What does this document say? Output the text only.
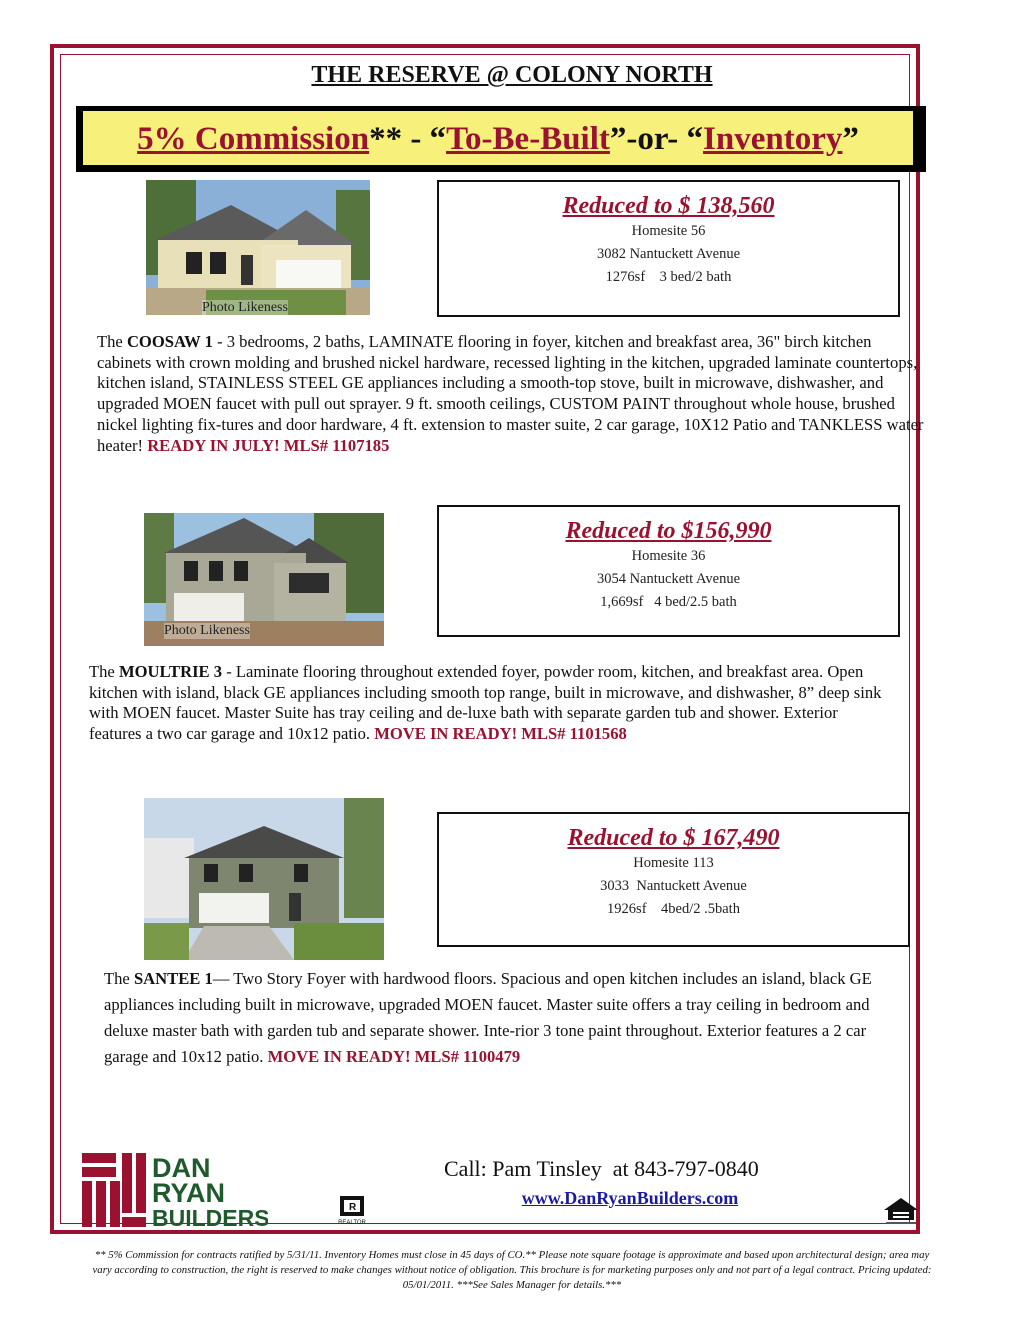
THE RESERVE @ COLONY NORTH
5% Commission** - “To-Be-Built”-or- “Inventory”
Photo Likeness
Reduced to $ 138,560
Homesite 56
3082 Nantuckett Avenue
1276sf    3 bed/2 bath
The COOSAW 1 - 3 bedrooms, 2 baths, LAMINATE flooring in foyer, kitchen and breakfast area, 36" birch kitchen cabinets with crown molding and brushed nickel hardware, recessed lighting in the kitchen, upgraded laminate countertops, kitchen island, STAINLESS STEEL GE appliances including a smooth-top stove, built in microwave, dishwasher, and upgraded MOEN faucet with pull out sprayer. 9 ft. smooth ceilings, CUSTOM PAINT throughout whole house, brushed nickel lighting fix-tures and door hardware, 4 ft. extension to master suite, 2 car garage, 10X12 Patio and TANKLESS water heater! READY IN JULY! MLS# 1107185
Photo Likeness
Reduced to $156,990
Homesite 36
3054 Nantuckett Avenue
1,669sf   4 bed/2.5 bath
The MOULTRIE 3 - Laminate flooring throughout extended foyer, powder room, kitchen, and breakfast area. Open kitchen with island, black GE appliances including smooth top range, built in microwave, and dishwasher, 8” deep sink with MOEN faucet. Master Suite has tray ceiling and de-luxe bath with separate garden tub and shower. Exterior features a two car garage and 10x12 patio. MOVE IN READY! MLS# 1101568
Reduced to $ 167,490
Homesite 113
3033  Nantuckett Avenue
1926sf    4bed/2 .5bath
The SANTEE 1— Two Story Foyer with hardwood floors. Spacious and open kitchen includes an island, black GE appliances including built in microwave, upgraded MOEN faucet. Master suite offers a tray ceiling in bedroom and deluxe master bath with garden tub and separate shower. Inte-rior 3 tone paint throughout. Exterior features a 2 car garage and 10x12 patio. MOVE IN READY! MLS# 1100479
DAN
RYAN
BUILDERS
Call: Pam Tinsley  at 843-797-0840
www.DanRyanBuilders.com
R
REALTOR
** 5% Commission for contracts ratified by 5/31/11. Inventory Homes must close in 45 days of CO.** Please note square footage is approximate and based upon architectural design; area may vary according to construction, the right is reserved to make changes without notice of obligation. This brochure is for marketing purposes only and not part of a legal contract. Pricing updated: 05/01/2011. ***See Sales Manager for details.***
